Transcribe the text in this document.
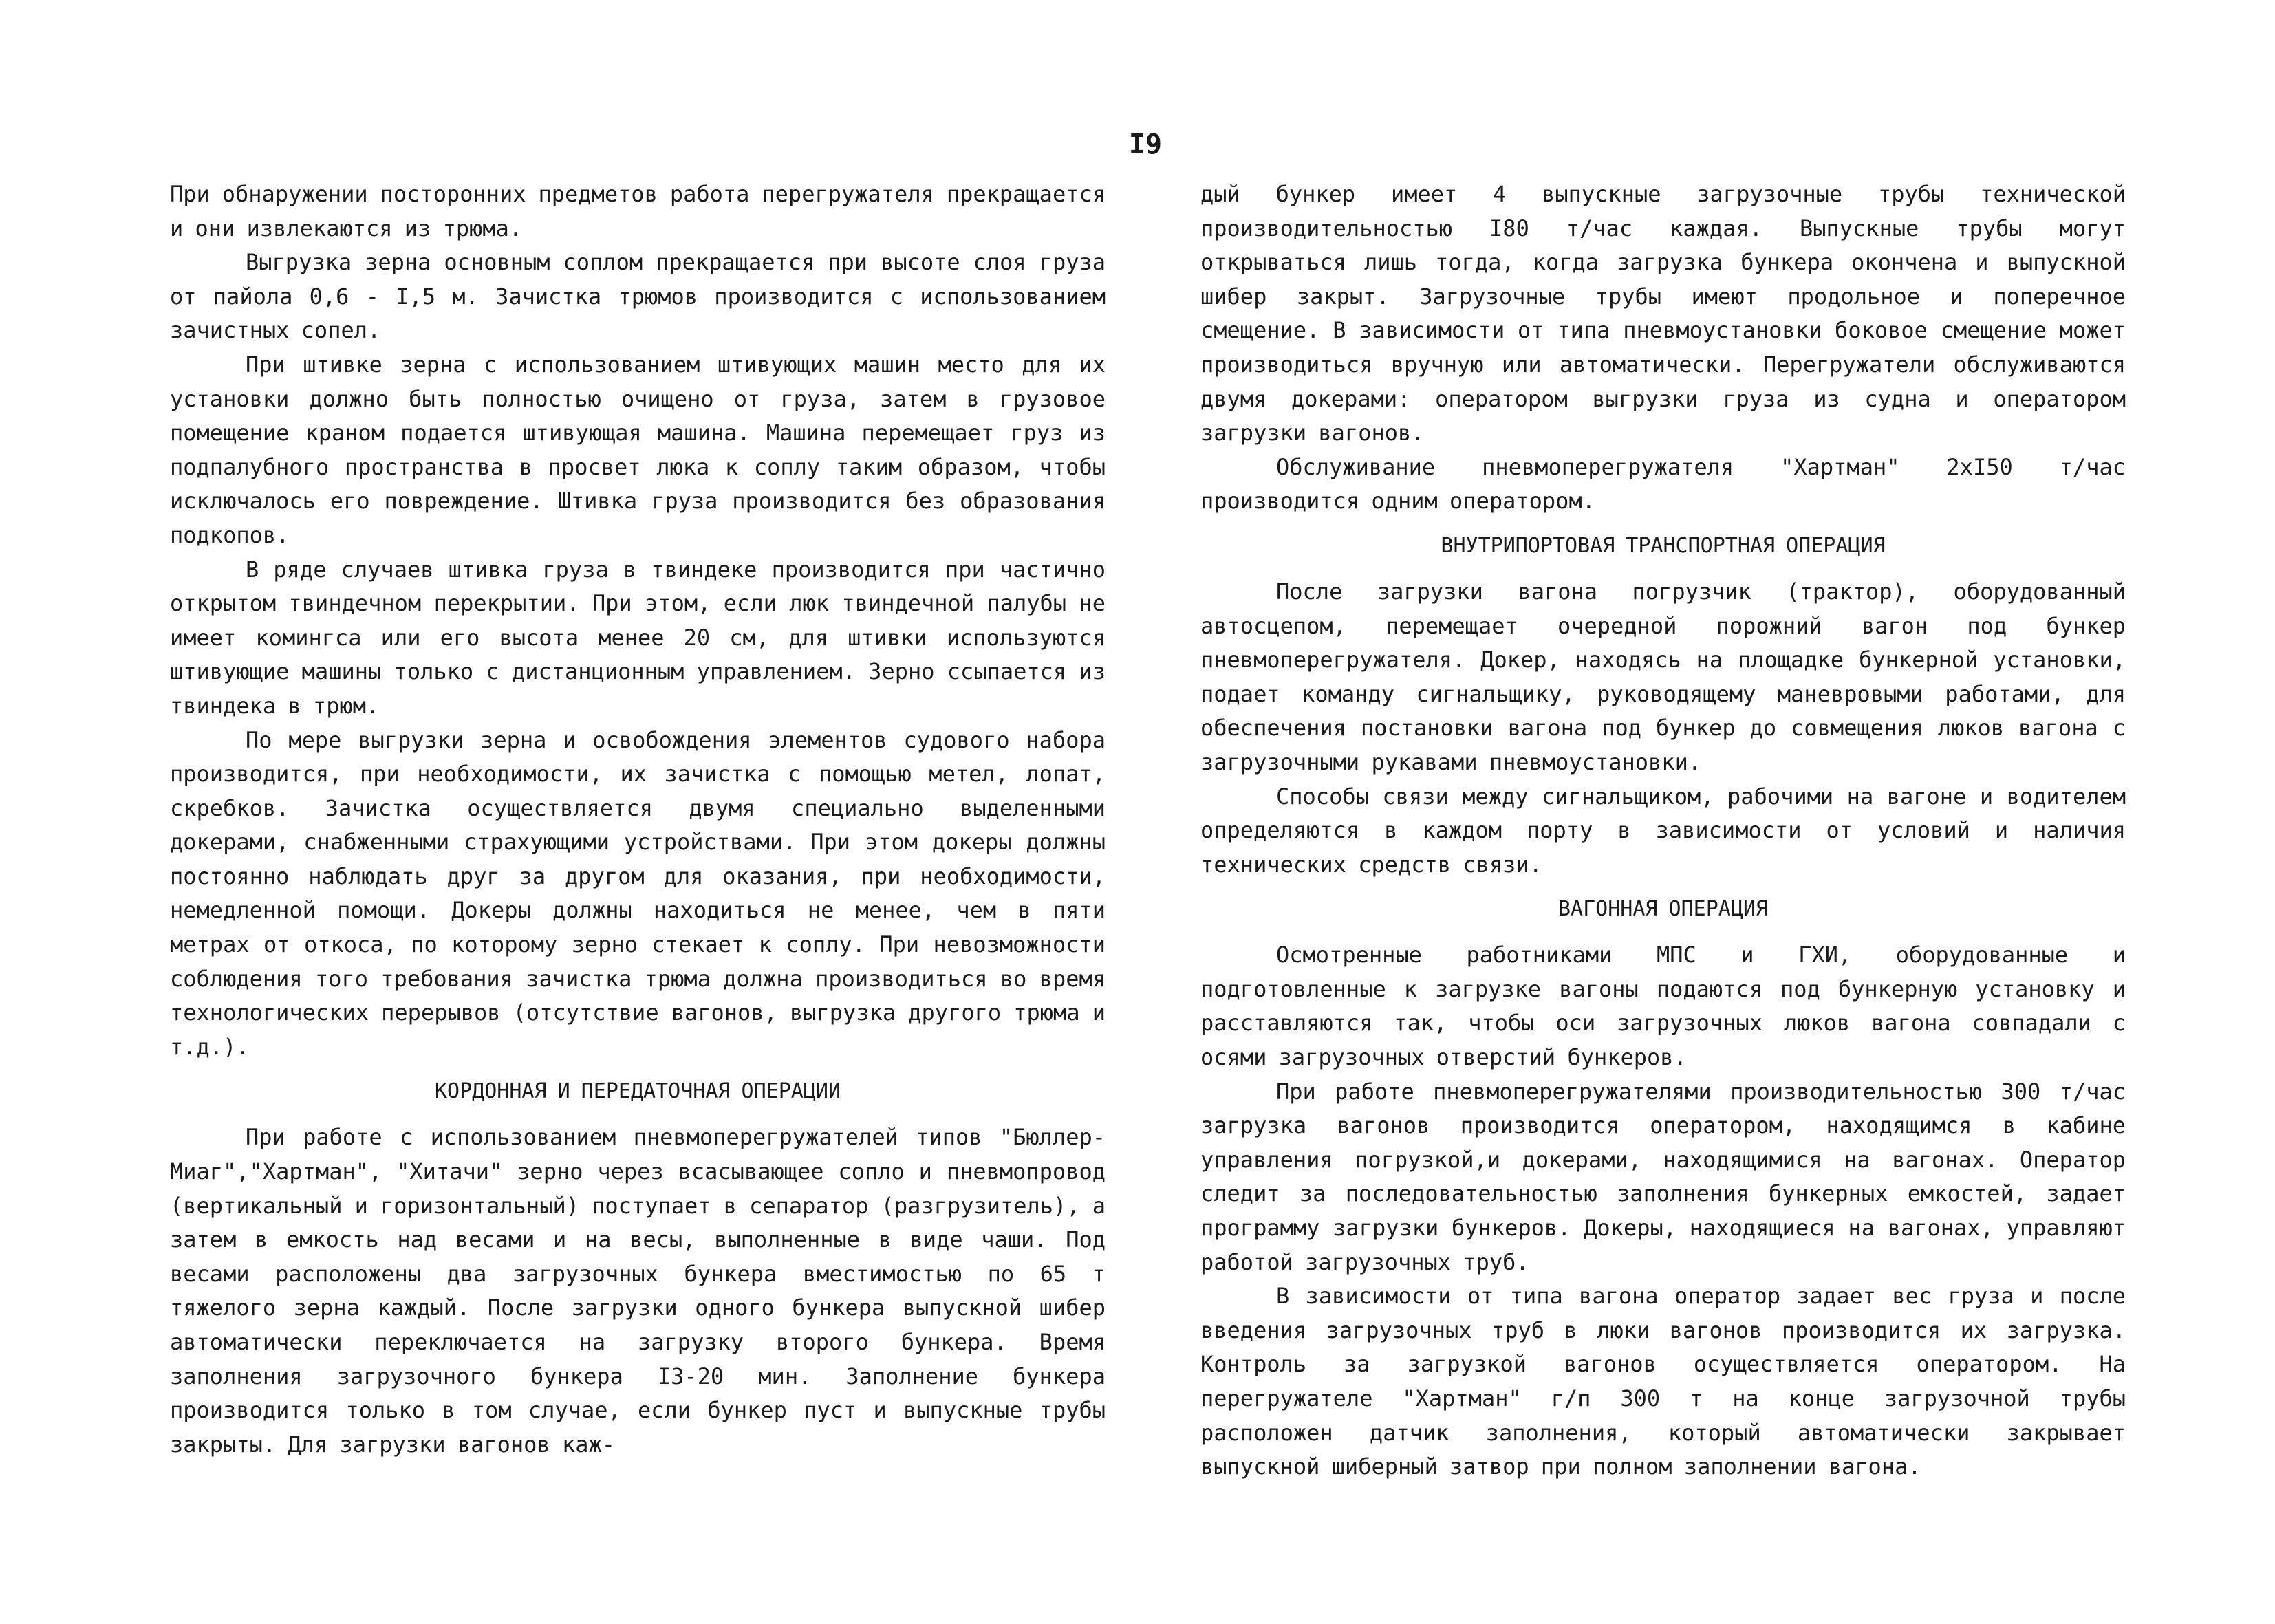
I9

При обнаружении посторонних предметов работа перегружателя прекращается и они извлекаются из трюма.

Выгрузка зерна основным соплом прекращается при высоте слоя груза от пайола 0,6 - I,5 м. Зачистка трюмов производится с использованием зачистных сопел.

При штивке зерна с использованием штивующих машин место для их установки должно быть полностью очищено от груза, затем в грузовое помещение краном подается штивующая машина. Машина перемещает груз из подпалубного пространства в просвет люка к соплу таким образом, чтобы исключалось его повреждение. Штивка груза производится без образования подкопов.

В ряде случаев штивка груза в твиндеке производится при частично открытом твиндечном перекрытии. При этом, если люк твиндечной палубы не имеет комингса или его высота менее 20 см, для штивки используются штивующие машины только с дистанционным управлением. Зерно ссыпается из твиндека в трюм.

По мере выгрузки зерна и освобождения элементов судового набора производится, при необходимости, их зачистка с помощью метел, лопат, скребков. Зачистка осуществляется двумя специально выделенными докерами, снабженными страхующими устройствами. При этом докеры должны постоянно наблюдать друг за другом для оказания, при необходимости, немедленной помощи. Докеры должны находиться не менее, чем в пяти метрах от откоса, по которому зерно стекает к соплу. При невозможности соблюдения того требования зачистка трюма должна производиться во время технологических перерывов (отсутствие вагонов, выгрузка другого трюма и т.д.).

КОРДОННАЯ И ПЕРЕДАТОЧНАЯ ОПЕРАЦИИ

При работе с использованием пневмоперегружателей типов "Бюллер-Миаг","Хартман", "Хитачи" зерно через всасывающее сопло и пневмопровод (вертикальный и горизонтальный) поступает в сепаратор (разгрузитель), а затем в емкость над весами и на весы, выполненные в виде чаши. Под весами расположены два загрузочных бункера вместимостью по 65 т тяжелого зерна каждый. После загрузки одного бункера выпускной шибер автоматически переключается на загрузку второго бункера. Время заполнения загрузочного бункера I3-20 мин. Заполнение бункера производится только в том случае, если бункер пуст и выпускные трубы закрыты. Для загрузки вагонов каж-

дый бункер имеет 4 выпускные загрузочные трубы технической производительностью I80 т/час каждая. Выпускные трубы могут открываться лишь тогда, когда загрузка бункера окончена и выпускной шибер закрыт. Загрузочные трубы имеют продольное и поперечное смещение. В зависимости от типа пневмоустановки боковое смещение может производиться вручную или автоматически. Перегружатели обслуживаются двумя докерами: оператором выгрузки груза из судна и оператором загрузки вагонов.

Обслуживание пневмоперегружателя "Хартман" 2хI50 т/час производится одним оператором.

ВНУТРИПОРТОВАЯ ТРАНСПОРТНАЯ ОПЕРАЦИЯ

После загрузки вагона погрузчик (трактор), оборудованный автосцепом, перемещает очередной порожний вагон под бункер пневмоперегружателя. Докер, находясь на площадке бункерной установки, подает команду сигнальщику, руководящему маневровыми работами, для обеспечения постановки вагона под бункер до совмещения люков вагона с загрузочными рукавами пневмоустановки.

Способы связи между сигнальщиком, рабочими на вагоне и водителем определяются в каждом порту в зависимости от условий и наличия технических средств связи.

ВАГОННАЯ ОПЕРАЦИЯ

Осмотренные работниками МПС и ГХИ, оборудованные и подготовленные к загрузке вагоны подаются под бункерную установку и расставляются так, чтобы оси загрузочных люков вагона совпадали с осями загрузочных отверстий бункеров.

При работе пневмоперегружателями производительностью 300 т/час загрузка вагонов производится оператором, находящимся в кабине управления погрузкой,и докерами, находящимися на вагонах. Оператор следит за последовательностью заполнения бункерных емкостей, задает программу загрузки бункеров. Докеры, находящиеся на вагонах, управляют работой загрузочных труб.

В зависимости от типа вагона оператор задает вес груза и после введения загрузочных труб в люки вагонов производится их загрузка. Контроль за загрузкой вагонов осуществляется оператором. На перегружателе "Хартман" г/п 300 т на конце загрузочной трубы расположен датчик заполнения, который автоматически закрывает выпускной шиберный затвор при полном заполнении вагона.
